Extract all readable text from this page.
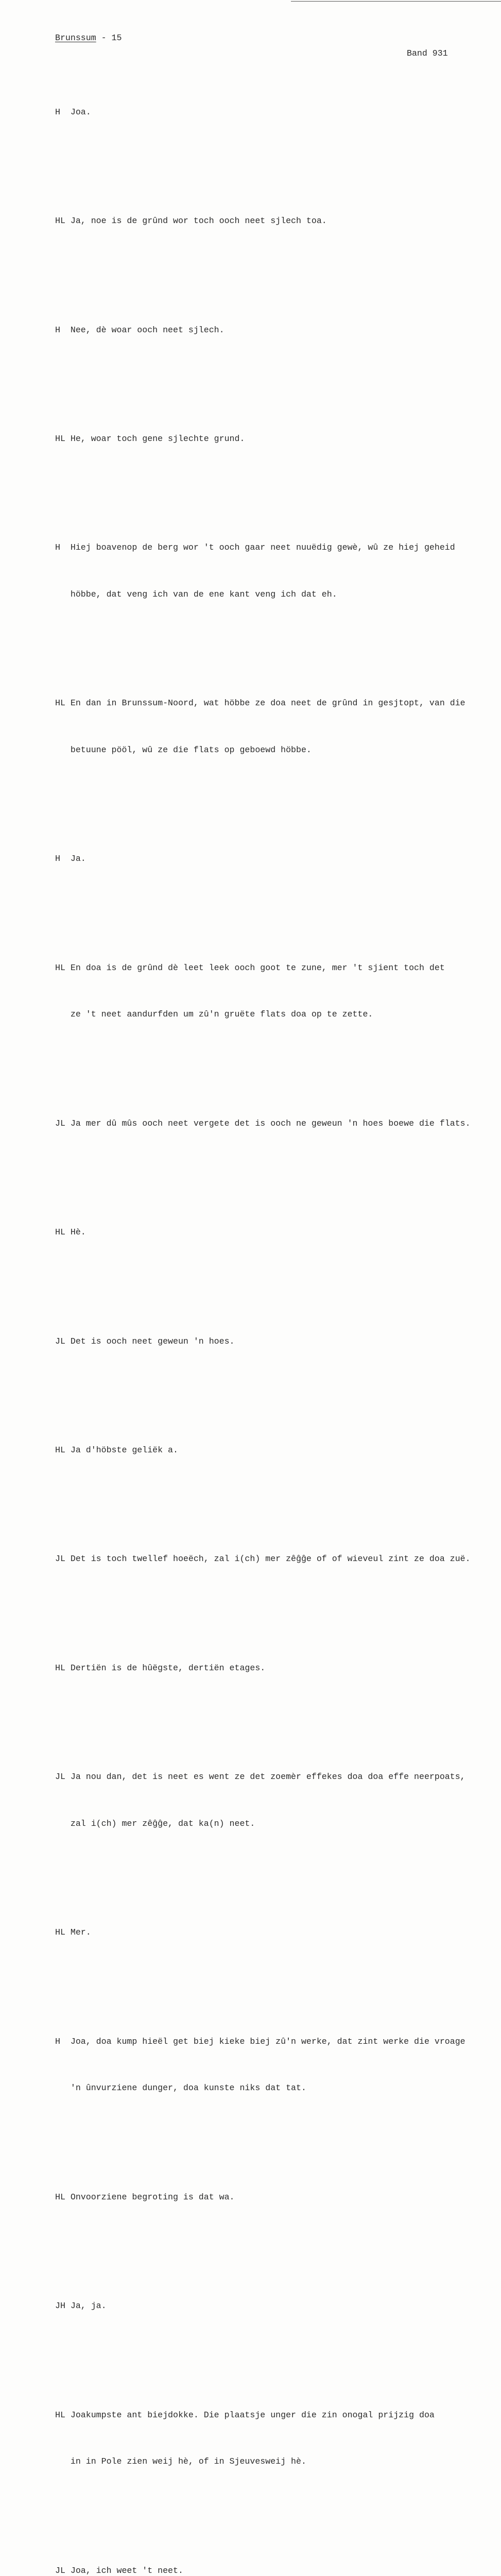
Brunssum - 15

Band 931

H Joa.

HL Ja, noe is de grûnd wor toch ooch neet sjlech toa.

H Nee, dè woar ooch neet sjlech.

HL He, woar toch gene sjlechte grund.

H Hiej boavenop de berg wor 't ooch gaar neet nuuëdig gewè, wû ze hiej geheid

höbbe, dat veng ich van de ene kant veng ich dat eh.

HL En dan in Brunssum-Noord, wat höbbe ze doa neet de grûnd in gesjtopt, van die

betuune pööl, wû ze die flats op geboewd höbbe.

H Ja.

HL En doa is de grûnd dè leet leek ooch goot te zune, mer 't sjient toch det

ze 't neet aandurfden um zû'n gruëte flats doa op te zette.

JL Ja mer dû mûs ooch neet vergete det is ooch ne geweun 'n hoes boewe die flats.

HL Hè.

JL Det is ooch neet geweun 'n hoes.

HL Ja d'höbste geliëk a.

JL Det is toch twellef hoeëch, zal i(ch) mer zêĝĝe of of wieveul zint ze doa zuë.

HL Dertiën is de hûëgste, dertiën etages.

JL Ja nou dan, det is neet es went ze det zoemèr effekes doa doa effe neerpoats,

zal i(ch) mer zêĝĝe, dat ka(n) neet.

HL Mer.

H Joa, doa kump hieël get biej kieke biej zû'n werke, dat zint werke die vroage

'n ûnvurziene dunger, doa kunste niks dat tat.

HL Onvoorziene begroting is dat wa.

JH Ja, ja.

HL Joakumpste ant biejdokke. Die plaatsje unger die zin onogal prijzig doa

in in Pole zien weij hè, of in Sjeuvesweij hè.

JL Joa, ich weet 't neet.
